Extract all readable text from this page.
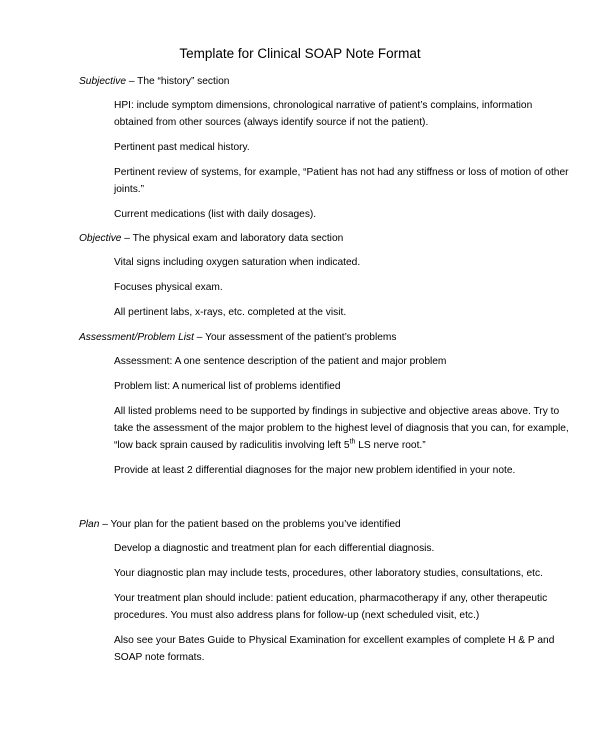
Template for Clinical SOAP Note Format

Subjective – The “history” section

HPI: include symptom dimensions, chronological narrative of patient’s complains, information obtained from other sources (always identify source if not the patient).

Pertinent past medical history.

Pertinent review of systems, for example, “Patient has not had any stiffness or loss of motion of other joints.”

Current medications (list with daily dosages).

Objective – The physical exam and laboratory data section

Vital signs including oxygen saturation when indicated.

Focuses physical exam.

All pertinent labs, x-rays, etc. completed at the visit.

Assessment/Problem List – Your assessment of the patient’s problems

Assessment: A one sentence description of the patient and major problem

Problem list: A numerical list of problems identified

All listed problems need to be supported by findings in subjective and objective areas above. Try to take the assessment of the major problem to the highest level of diagnosis that you can, for example, “low back sprain caused by radiculitis involving left 5th LS nerve root.”

Provide at least 2 differential diagnoses for the major new problem identified in your note.

Plan – Your plan for the patient based on the problems you’ve identified

Develop a diagnostic and treatment plan for each differential diagnosis.

Your diagnostic plan may include tests, procedures, other laboratory studies, consultations, etc.

Your treatment plan should include: patient education, pharmacotherapy if any, other therapeutic procedures. You must also address plans for follow-up (next scheduled visit, etc.)

Also see your Bates Guide to Physical Examination for excellent examples of complete H & P and SOAP note formats.
